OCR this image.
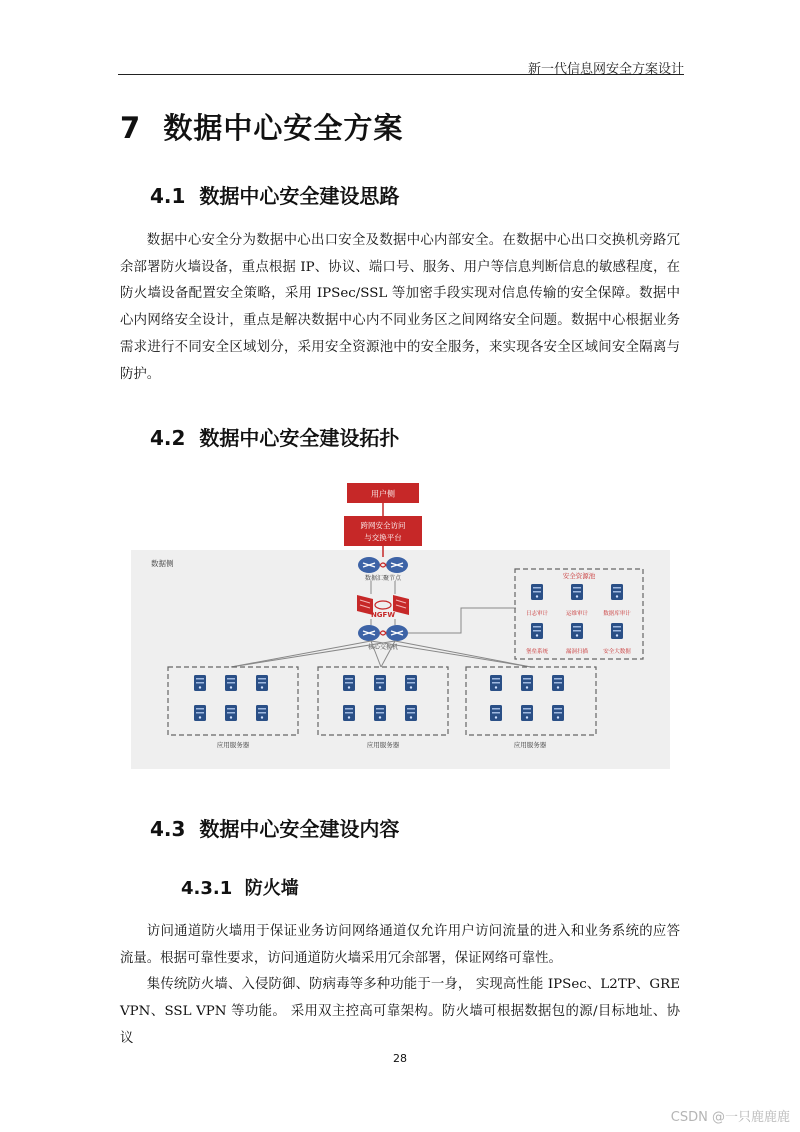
新一代信息网安全方案设计
7 数据中心安全方案
4.1 数据中心安全建设思路

数据中心安全分为数据中心出口安全及数据中心内部安全。在数据中心出口交换机旁路冗余部署防火墙设备，重点根据 IP、协议、端口号、服务、用户等信息判断信息的敏感程度，在防火墙设备配置安全策略，采用 IPSec/SSL 等加密手段实现对信息传输的安全保障。数据中心内网络安全设计，重点是解决数据中心内不同业务区之间网络安全问题。数据中心根据业务需求进行不同安全区域划分，采用安全资源池中的安全服务，来实现各安全区域间安全隔离与防护。

4.2 数据中心安全建设拓扑
数据侧
用户侧
跨网安全访问
与交换平台
数据汇聚节点
NGFW
核心交换机
安全资源池
日志审计	运维审计	数据库审计
堡垒系统	漏洞扫描	安全大数据
应用服务器	应用服务器	应用服务器
4.3 数据中心安全建设内容
4.3.1 防火墙

访问通道防火墙用于保证业务访问网络通道仅允许用户访问流量的进入和业务系统的应答流量。根据可靠性要求，访问通道防火墙采用冗余部署，保证网络可靠性。

集传统防火墙、入侵防御、防病毒等多种功能于一身， 实现高性能 IPSec、L2TP、GRE VPN、SSL VPN 等功能。 采用双主控高可靠架构。防火墙可根据数据包的源/目标地址、协议

28
CSDN @一只鹿鹿鹿
